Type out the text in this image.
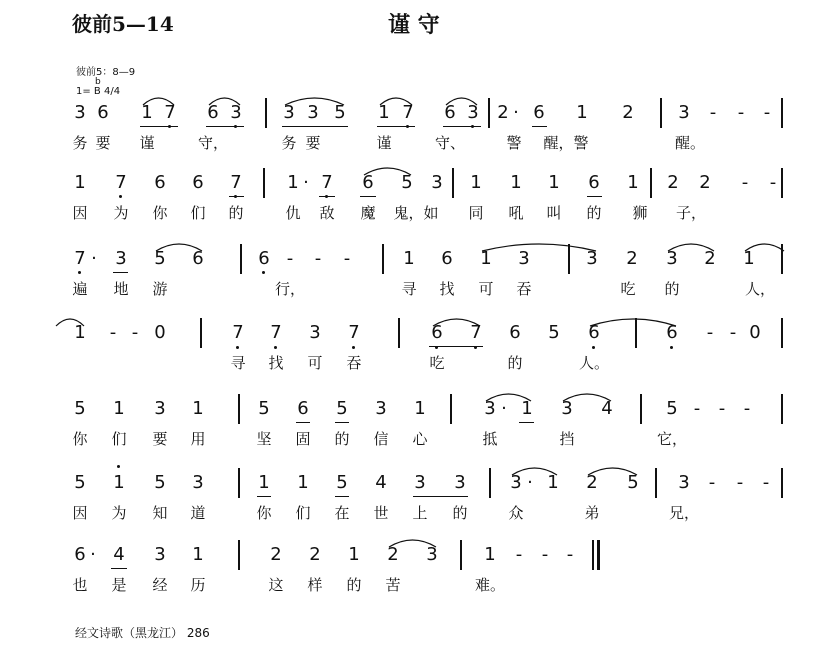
彼前5—14	谨 守
彼前5：8—9
b
1= B 4/4
3 6 1 7 6 3 3 3 5 1 7 6 3 2 · 6 1 2 3 - - -
务 要 谨	守，	务 要	谨	守、	警 醒，警	醒。
1 7 6 6 7	1 · 7 6 5 3 1 1 1 6 1 2 2 - -
因 为 你 们 的	仇 敌 魔 鬼，如 同 吼 叫 的 狮 子，
7 · 3 5 6	6 - - -	1 6 1 3	3 2 3 2 1
遍 地 游	行，	寻 找 可 吞	吃 的	人，
1 - - 0	7 7 3 7	6 7 6 5 6	6 - - 0
寻 找 可 吞	吃	的	人。
5 1 3 1	5 6 5 3 1	3 · 1 3 4	5 - - -
你 们 要 用	坚 固 的 信 心	抵	挡	它，
5 1 5 3	1 1 5 4 3 3 3 · 1 2 5 3 - - -
因 为 知 道	你 们 在 世 上 的	众	弟	兄，
6 · 4 3 1	2 2 1 2 3	1 - - -
也 是 经 历	这 样 的 苦	难。
经文诗歌（黑龙江） 286
